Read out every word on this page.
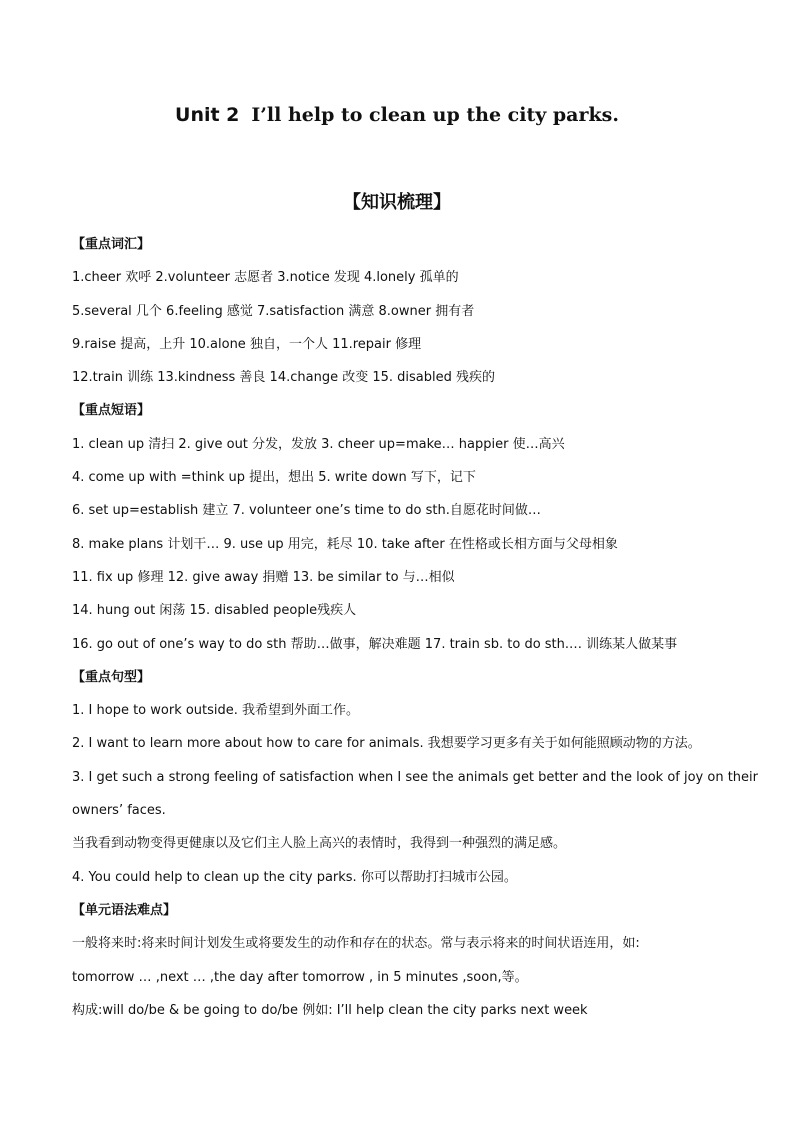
Unit 2 I’ll help to clean up the city parks.
【知识梳理】
【重点词汇】
1.cheer 欢呼 2.volunteer 志愿者 3.notice 发现 4.lonely 孤单的
5.several 几个 6.feeling 感觉 7.satisfaction 满意 8.owner 拥有者
9.raise 提高，上升 10.alone 独自，一个人 11.repair 修理
12.train 训练 13.kindness 善良 14.change 改变 15. disabled 残疾的
【重点短语】
1. clean up 清扫 2. give out 分发，发放 3. cheer up=make… happier 使…高兴
4. come up with =think up 提出，想出 5. write down 写下，记下
6. set up=establish 建立 7. volunteer one’s time to do sth.自愿花时间做…
8. make plans 计划干… 9. use up 用完，耗尽 10. take after 在性格或长相方面与父母相象
11. fix up 修理 12. give away 捐赠 13. be similar to 与…相似
14. hung out 闲荡 15. disabled people残疾人
16. go out of one’s way to do sth 帮助…做事，解决难题 17. train sb. to do sth.… 训练某人做某事
【重点句型】
1. I hope to work outside. 我希望到外面工作。
2. I want to learn more about how to care for animals. 我想要学习更多有关于如何能照顾动物的方法。
3. I get such a strong feeling of satisfaction when I see the animals get better and the look of joy on their
owners’ faces.
当我看到动物变得更健康以及它们主人脸上高兴的表情时，我得到一种强烈的满足感。
4. You could help to clean up the city parks. 你可以帮助打扫城市公园。
【单元语法难点】
一般将来时:将来时间计划发生或将要发生的动作和存在的状态。常与表示将来的时间状语连用，如:
tomorrow … ,next … ,the day after tomorrow , in 5 minutes ,soon,等。
构成:will do/be & be going to do/be 例如: I’ll help clean the city parks next week
